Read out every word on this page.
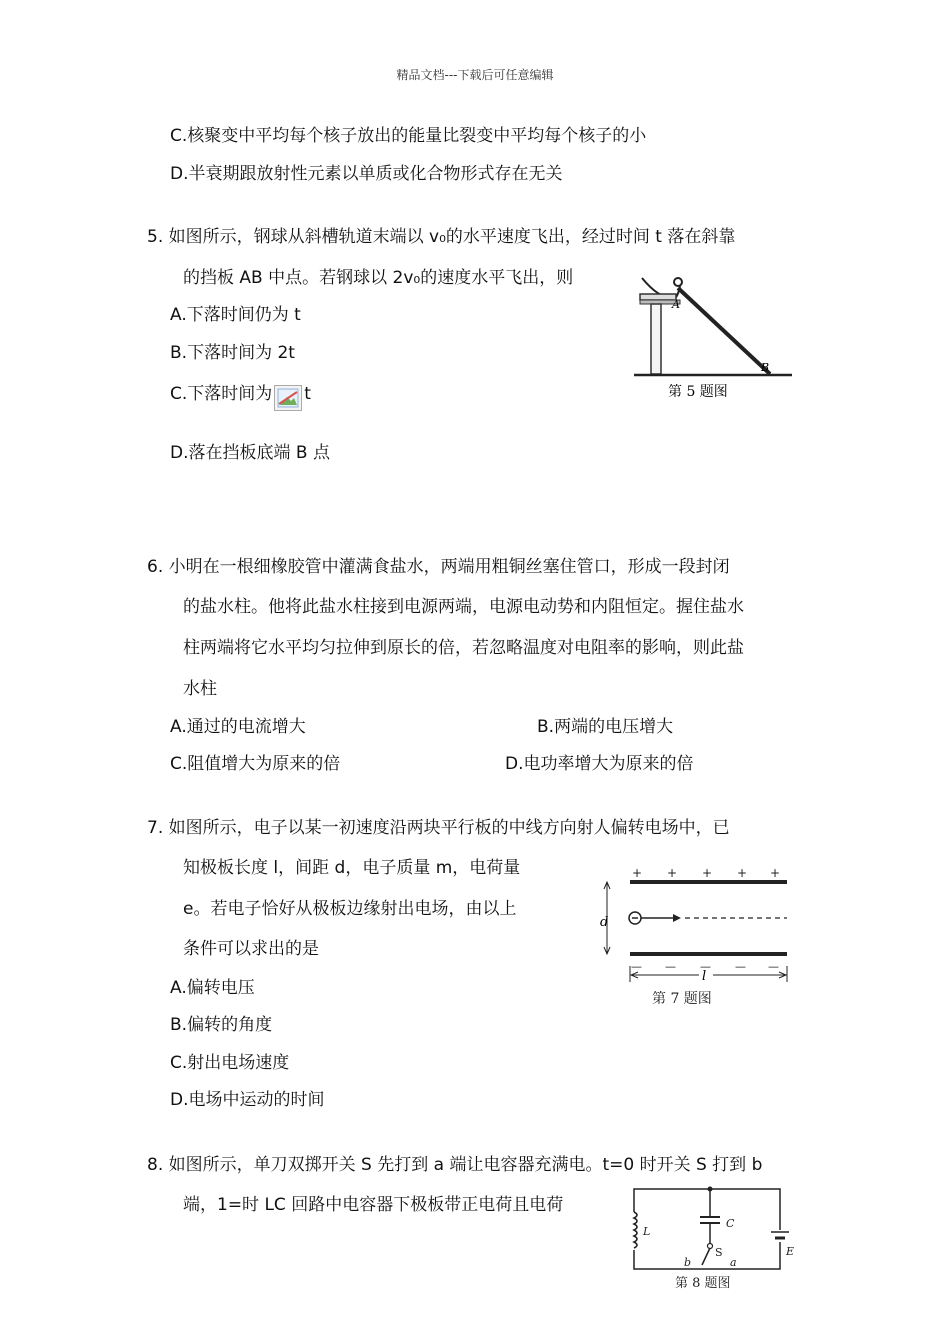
精品文档---下载后可任意编辑
C.核聚变中平均每个核子放出的能量比裂变中平均每个核子的小
D.半衰期跟放射性元素以单质或化合物形式存在无关
5. 如图所示，钢球从斜槽轨道末端以 v₀的水平速度飞出，经过时间 t 落在斜靠
的挡板 AB 中点。若钢球以 2v₀的速度水平飞出，则
A.下落时间仍为 t
B.下落时间为 2t
C.下落时间为 t
D.落在挡板底端 B 点
A
B
第 5 题图
6. 小明在一根细橡胶管中灌满食盐水，两端用粗铜丝塞住管口，形成一段封闭
的盐水柱。他将此盐水柱接到电源两端，电源电动势和内阻恒定。握住盐水
柱两端将它水平均匀拉伸到原长的倍，若忽略温度对电阻率的影响，则此盐
水柱
A.通过的电流增大	B.两端的电压增大
C.阻值增大为原来的倍	D.电功率增大为原来的倍
7. 如图所示，电子以某一初速度沿两块平行板的中线方向射人偏转电场中，已
知极板长度 l，间距 d，电子质量 m，电荷量
e。若电子恰好从极板边缘射出电场，由以上
条件可以求出的是
A.偏转电压
B.偏转的角度
C.射出电场速度
D.电场中运动的时间
+ + + + +
— — — — —
d
l
第 7 题图
8. 如图所示，单刀双掷开关 S 先打到 a 端让电容器充满电。t=0 时开关 S 打到 b
端，1=时 LC 回路中电容器下极板带正电荷且电荷
L
C
S
b	a
E
第 8 题图
